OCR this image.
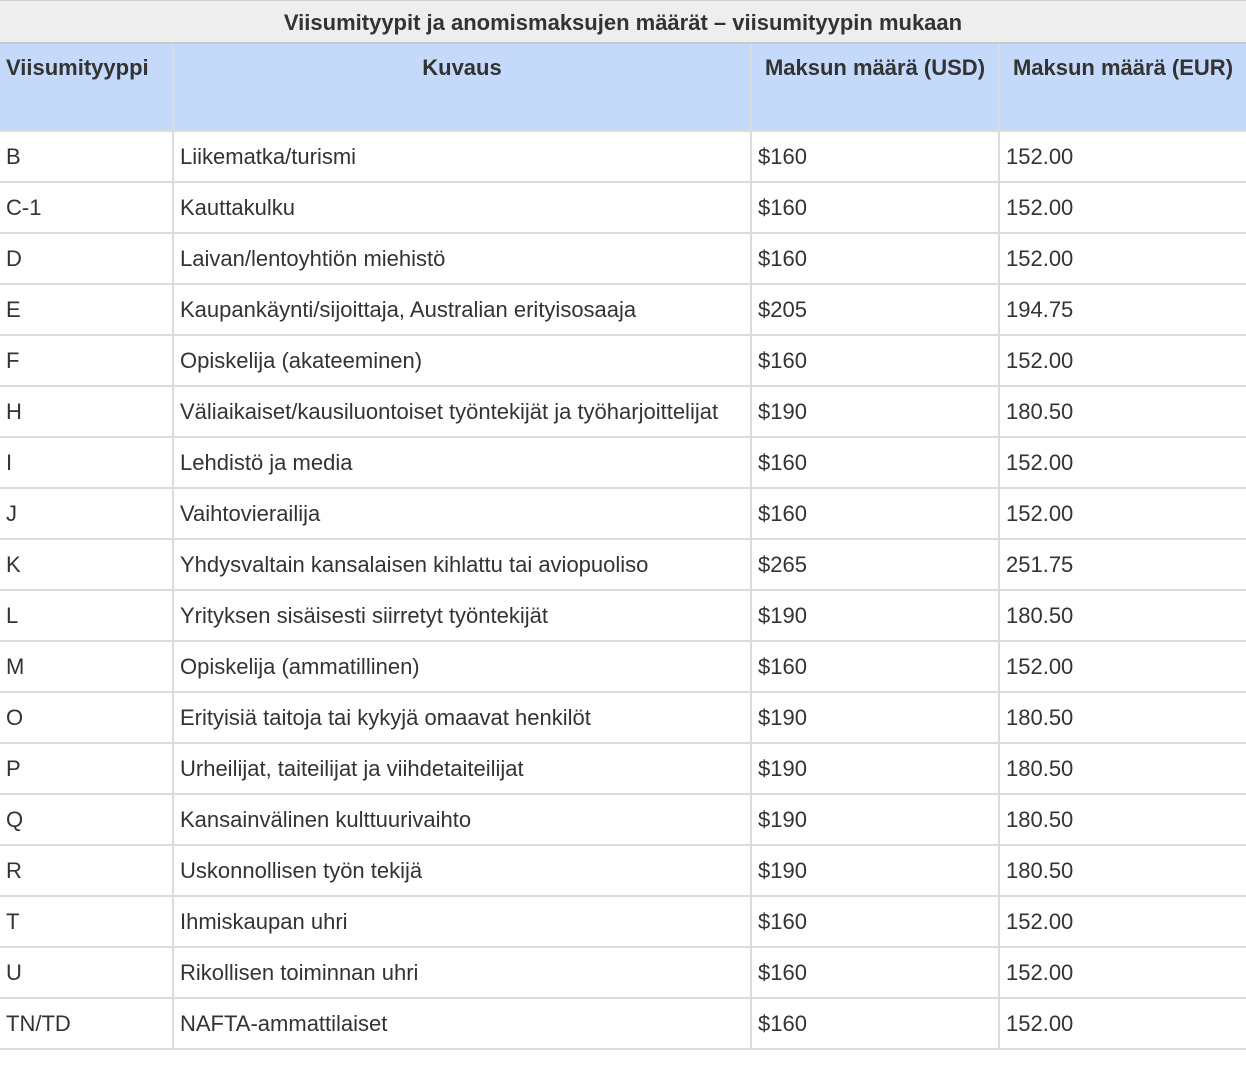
Viisumityypit ja anomismaksujen määrät – viisumityypin mukaan
Viisumityyppi	Kuvaus	Maksun määrä (USD)	Maksun määrä (EUR)
B	Liikematka/turismi	$160	152.00
C-1	Kauttakulku	$160	152.00
D	Laivan/lentoyhtiön miehistö	$160	152.00
E	Kaupankäynti/sijoittaja, Australian erityisosaaja	$205	194.75
F	Opiskelija (akateeminen)	$160	152.00
H	Väliaikaiset/kausiluontoiset työntekijät ja työharjoittelijat	$190	180.50
I	Lehdistö ja media	$160	152.00
J	Vaihtovierailija	$160	152.00
K	Yhdysvaltain kansalaisen kihlattu tai aviopuoliso	$265	251.75
L	Yrityksen sisäisesti siirretyt työntekijät	$190	180.50
M	Opiskelija (ammatillinen)	$160	152.00
O	Erityisiä taitoja tai kykyjä omaavat henkilöt	$190	180.50
P	Urheilijat, taiteilijat ja viihdetaiteilijat	$190	180.50
Q	Kansainvälinen kulttuurivaihto	$190	180.50
R	Uskonnollisen työn tekijä	$190	180.50
T	Ihmiskaupan uhri	$160	152.00
U	Rikollisen toiminnan uhri	$160	152.00
TN/TD	NAFTA-ammattilaiset	$160	152.00
